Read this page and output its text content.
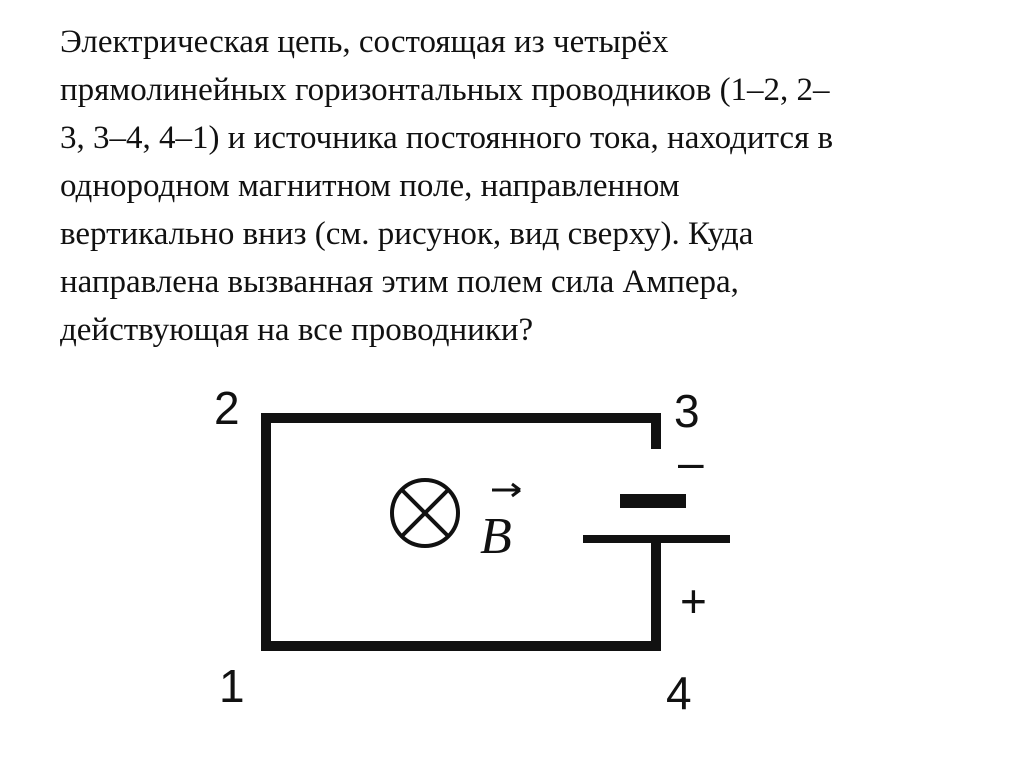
Электрическая цепь, состоящая из четырёх
прямолинейных горизонтальных проводников (1–2, 2–
3, 3–4, 4–1) и источника постоянного тока, находится в
однородном магнитном поле, направленном
вертикально вниз (см. рисунок, вид сверху). Куда
направлена вызванная этим полем сила Ампера,
действующая на все проводники?
B
2	3
1	4
–
+
